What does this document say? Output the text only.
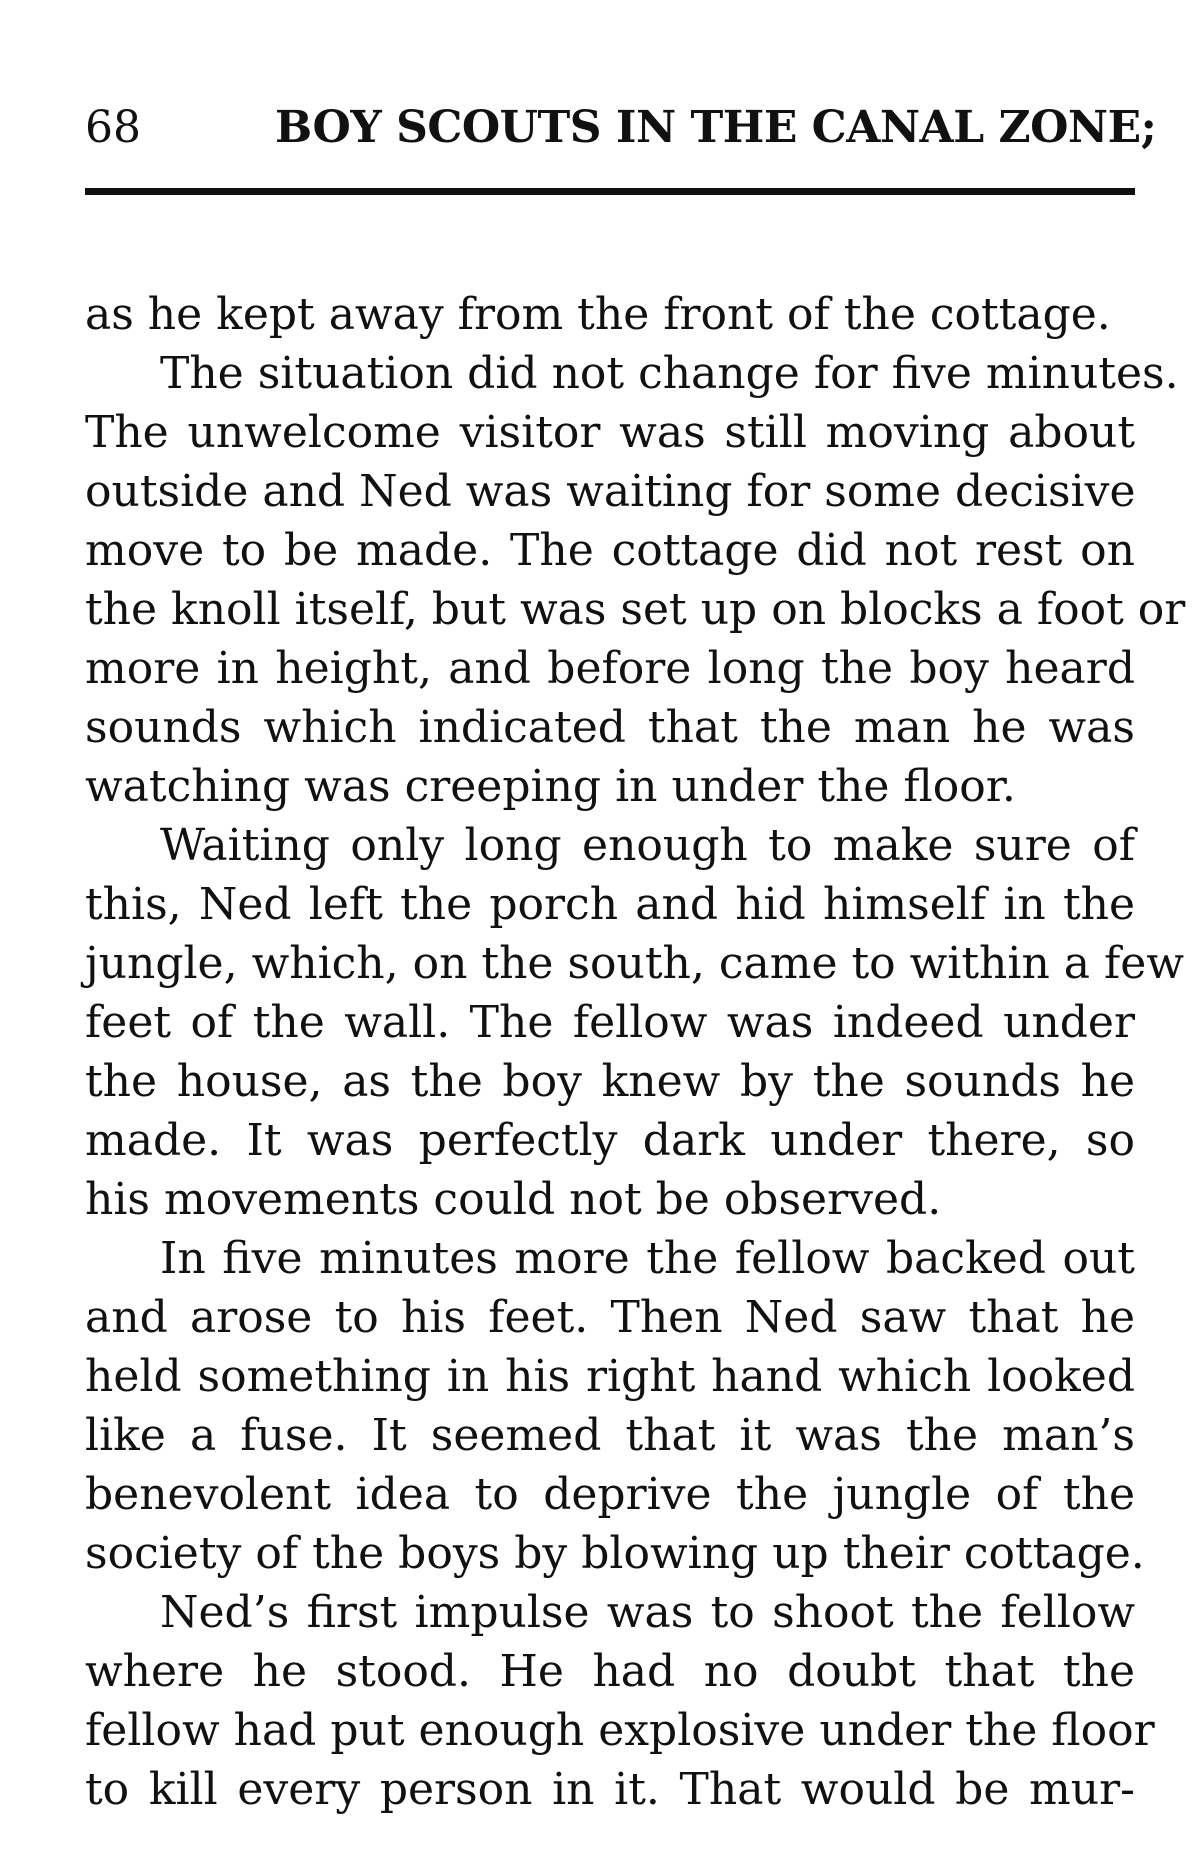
68	BOY SCOUTS IN THE CANAL ZONE;
as he kept away from the front of the cottage.
The situation did not change for five minutes.
The unwelcome visitor was still moving about
outside and Ned was waiting for some decisive
move to be made. The cottage did not rest on
the knoll itself, but was set up on blocks a foot or
more in height, and before long the boy heard
sounds which indicated that the man he was
watching was creeping in under the floor.
Waiting only long enough to make sure of
this, Ned left the porch and hid himself in the
jungle, which, on the south, came to within a few
feet of the wall. The fellow was indeed under
the house, as the boy knew by the sounds he
made. It was perfectly dark under there, so
his movements could not be observed.
In five minutes more the fellow backed out
and arose to his feet. Then Ned saw that he
held something in his right hand which looked
like a fuse. It seemed that it was the man’s
benevolent idea to deprive the jungle of the
society of the boys by blowing up their cottage.
Ned’s first impulse was to shoot the fellow
where he stood. He had no doubt that the
fellow had put enough explosive under the floor
to kill every person in it. That would be mur-
